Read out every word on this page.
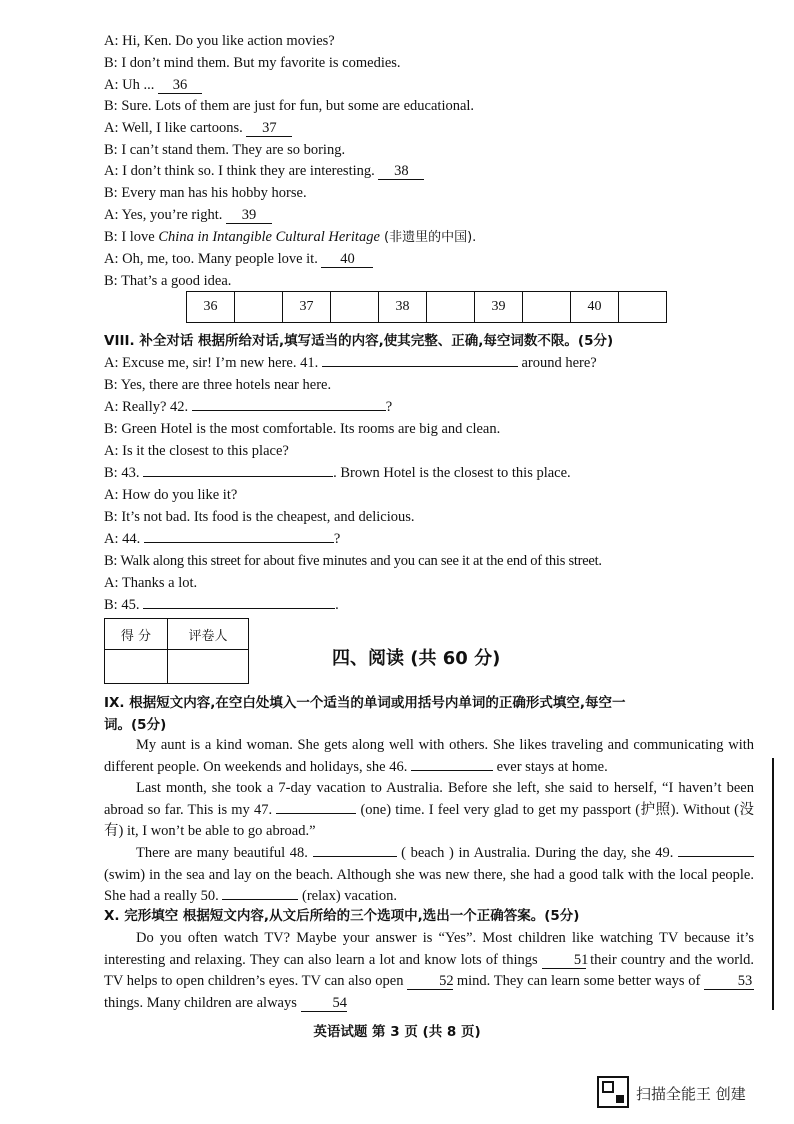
A: Hi, Ken. Do you like action movies?
B: I don’t mind them. But my favorite is comedies.
A: Uh ... 36
B: Sure. Lots of them are just for fun, but some are educational.
A: Well, I like cartoons. 37
B: I can’t stand them. They are so boring.
A: I don’t think so. I think they are interesting. 38
B: Every man has his hobby horse.
A: Yes, you’re right. 39
B: I love China in Intangible Cultural Heritage (非遗里的中国).
A: Oh, me, too. Many people love it. 40
B: That’s a good idea.
36		37		38		39		40	
VIII. 补全对话 根据所给对话,填写适当的内容,使其完整、正确,每空词数不限。(5分)
A: Excuse me, sir! I’m new here. 41.	around here?
B: Yes, there are three hotels near here.
A: Really? 42.	?
B: Green Hotel is the most comfortable. Its rooms are big and clean.
A: Is it the closest to this place?
B: 43.	. Brown Hotel is the closest to this place.
A: How do you like it?
B: It’s not bad. Its food is the cheapest, and delicious.
A: 44.	?
B: Walk along this street for about five minutes and you can see it at the end of this street.
A: Thanks a lot.
B: 45.	.
得 分	评卷人

四、阅读 (共 60 分)
IX. 根据短文内容,在空白处填入一个适当的单词或用括号内单词的正确形式填空,每空一
词。(5分)
My aunt is a kind woman. She gets along well with others. She likes traveling and communicating with different people. On weekends and holidays, she 46.	ever stays at home.
Last month, she took a 7-day vacation to Australia. Before she left, she said to herself, “I haven’t been abroad so far. This is my 47.	(one) time. I feel very glad to get my passport (护照). Without (没有) it, I won’t be able to go abroad.”
There are many beautiful 48.	( beach ) in Australia. During the day, she 49.  (swim) in the sea and lay on the beach. Although she was new there, she had a good talk with the local people. She had a really 50.	(relax) vacation.
X. 完形填空 根据短文内容,从文后所给的三个选项中,选出一个正确答案。(5分)
Do you often watch TV? Maybe your answer is “Yes”. Most children like watching TV because it’s interesting and relaxing. They can also learn a lot and know lots of things 51 their country and the world. TV helps to open children’s eyes. TV can also open 52 mind. They can learn some better ways of	53 things. Many children are always 54
英语试题 第 3 页 (共 8 页)
扫描全能王 创建
